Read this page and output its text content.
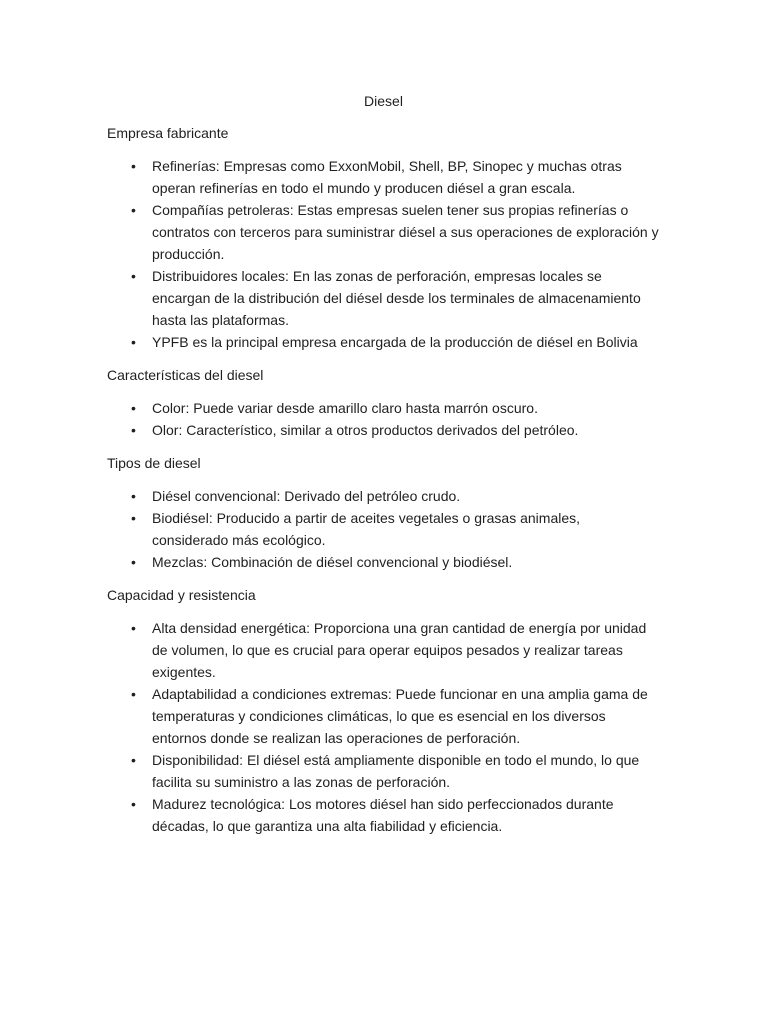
Diesel

Empresa fabricante

• Refinerías: Empresas como ExxonMobil, Shell, BP, Sinopec y muchas otras operan refinerías en todo el mundo y producen diésel a gran escala.
• Compañías petroleras: Estas empresas suelen tener sus propias refinerías o contratos con terceros para suministrar diésel a sus operaciones de exploración y producción.
• Distribuidores locales: En las zonas de perforación, empresas locales se encargan de la distribución del diésel desde los terminales de almacenamiento hasta las plataformas.
• YPFB es la principal empresa encargada de la producción de diésel en Bolivia

Características del diesel

• Color: Puede variar desde amarillo claro hasta marrón oscuro.
• Olor: Característico, similar a otros productos derivados del petróleo.

Tipos de diesel

• Diésel convencional: Derivado del petróleo crudo.
• Biodiésel: Producido a partir de aceites vegetales o grasas animales, considerado más ecológico.
• Mezclas: Combinación de diésel convencional y biodiésel.

Capacidad y resistencia

• Alta densidad energética: Proporciona una gran cantidad de energía por unidad de volumen, lo que es crucial para operar equipos pesados y realizar tareas exigentes.
• Adaptabilidad a condiciones extremas: Puede funcionar en una amplia gama de temperaturas y condiciones climáticas, lo que es esencial en los diversos entornos donde se realizan las operaciones de perforación.
• Disponibilidad: El diésel está ampliamente disponible en todo el mundo, lo que facilita su suministro a las zonas de perforación.
• Madurez tecnológica: Los motores diésel han sido perfeccionados durante décadas, lo que garantiza una alta fiabilidad y eficiencia.
